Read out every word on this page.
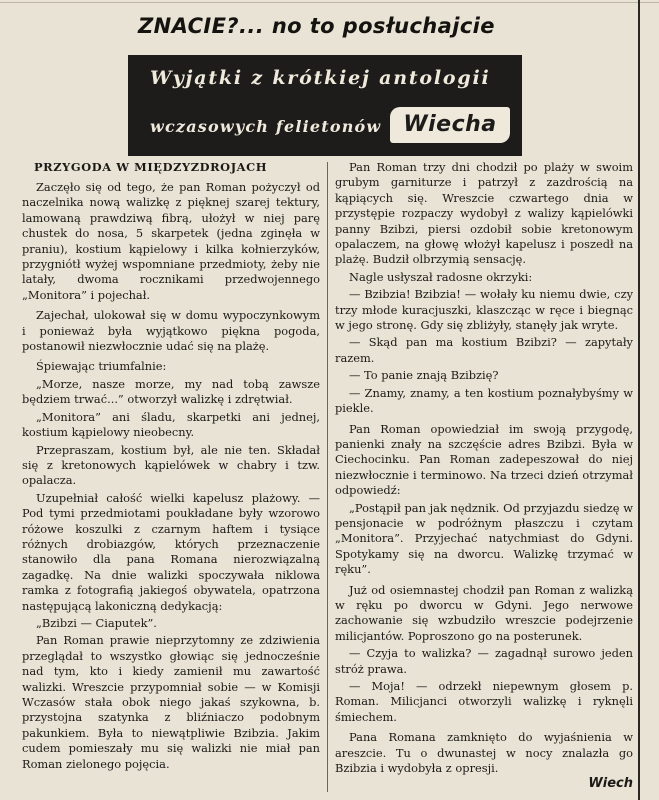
ZNACIE?... no to posłuchajcie
Wyjątki z krótkiej antologii
wczasowych felietonów Wiecha
PRZYGODA W MIĘDZYZDROJACH

Zaczęło się od tego, że pan Roman pożyczył od naczelnika nową walizkę z pięknej szarej tektury, lamowaną prawdziwą fibrą, ułożył w niej parę chustek do nosa, 5 skarpetek (jedna zginęła w praniu), kostium kąpielowy i kilka kołnierzyków, przygniótł wyżej wspomniane przedmioty, żeby nie latały, dwoma rocznikami przedwojennego „Monitora” i pojechał.

Zajechał, ulokował się w domu wypoczynkowym i ponieważ była wyjątkowo piękna pogoda, postanowił niezwłocznie udać się na plażę.

Śpiewając triumfalnie:

„Morze, nasze morze, my nad tobą zawsze będziem trwać...” otworzył walizkę i zdrętwiał.

„Monitora” ani śladu, skarpetki ani jednej, kostium kąpielowy nieobecny.

Przepraszam, kostium był, ale nie ten. Składał się z kretonowych kąpielówek w chabry i tzw. opalacza.

Uzupełniał całość wielki kapelusz plażowy. — Pod tymi przedmiotami poukładane były wzorowo różowe koszulki z czarnym haftem i tysiące różnych drobiazgów, których przeznaczenie stanowiło dla pana Romana nierozwiązalną zagadkę. Na dnie walizki spoczywała niklowa ramka z fotografią jakiegoś obywatela, opatrzona następującą lakoniczną dedykacją:

„Bzibzi — Ciaputek”.

Pan Roman prawie nieprzytomny ze zdziwienia przeglądał to wszystko głowiąc się jednocześnie nad tym, kto i kiedy zamienił mu zawartość walizki. Wreszcie przypomniał sobie — w Komisji Wczasów stała obok niego jakaś szykowna, b. przystojna szatynka z bliźniaczo podobnym pakunkiem. Była to niewątpliwie Bzibzia. Jakim cudem pomieszały mu się walizki nie miał pan Roman zielonego pojęcia.

Pan Roman trzy dni chodził po plaży w swoim grubym garniturze i patrzył z zazdrością na kąpiących się. Wreszcie czwartego dnia w przystępie rozpaczy wydobył z walizy kąpielówki panny Bzibzi, piersi ozdobił sobie kretonowym opalaczem, na głowę włożył kapelusz i poszedł na plażę. Budził olbrzymią sensację.

Nagle usłyszał radosne okrzyki:

— Bzibzia! Bzibzia! — wołały ku niemu dwie, czy trzy młode kuracjuszki, klaszcząc w ręce i biegnąc w jego stronę. Gdy się zbliżyły, stanęły jak wryte.

— Skąd pan ma kostium Bzibzi? — zapytały razem.

— To panie znają Bzibzię?

— Znamy, znamy, a ten kostium poznałybyśmy w piekle.

Pan Roman opowiedział im swoją przygodę, panienki znały na szczęście adres Bzibzi. Była w Ciechocinku. Pan Roman zadepeszował do niej niezwłocznie i terminowo. Na trzeci dzień otrzymał odpowiedź:

„Postąpił pan jak nędznik. Od przyjazdu siedzę w pensjonacie w podróżnym płaszczu i czytam „Monitora”. Przyjechać natychmiast do Gdyni. Spotykamy się na dworcu. Walizkę trzymać w ręku”.

Już od osiemnastej chodził pan Roman z walizką w ręku po dworcu w Gdyni. Jego nerwowe zachowanie się wzbudziło wreszcie podejrzenie milicjantów. Poproszono go na posterunek.

— Czyja to walizka? — zagadnął surowo jeden stróż prawa.

— Moja! — odrzekł niepewnym głosem p. Roman. Milicjanci otworzyli walizkę i ryknęli śmiechem.

Pana Romana zamknięto do wyjaśnienia w areszcie. Tu o dwunastej w nocy znalazła go Bzibzia i wydobyła z opresji.

Wiech
